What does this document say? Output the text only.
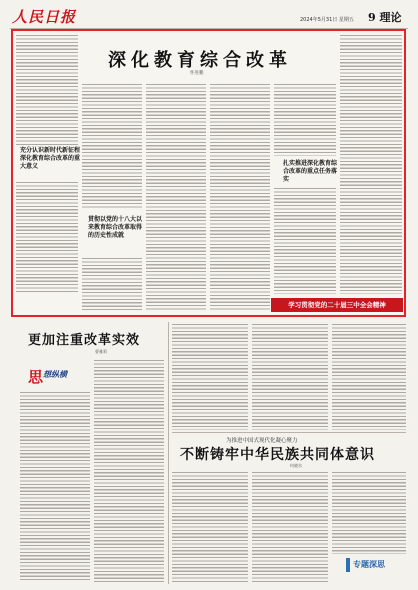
人民日报	2024年5月31日 星期五 9 理论
深化教育综合改革
怀进鹏
充分认识新时代新征程深化教育综合改革的重大意义
贯彻以党的十八大以来教育综合改革取得的历史性成就
扎实推进深化教育综合改革的重点任务落实
学习贯彻党的二十届三中全会精神
更加注重改革实效
曹雅莉
思 想纵横
为推进中国式现代化凝心聚力
不断铸牢中华民族共同体意识
何晓东
专题深思
